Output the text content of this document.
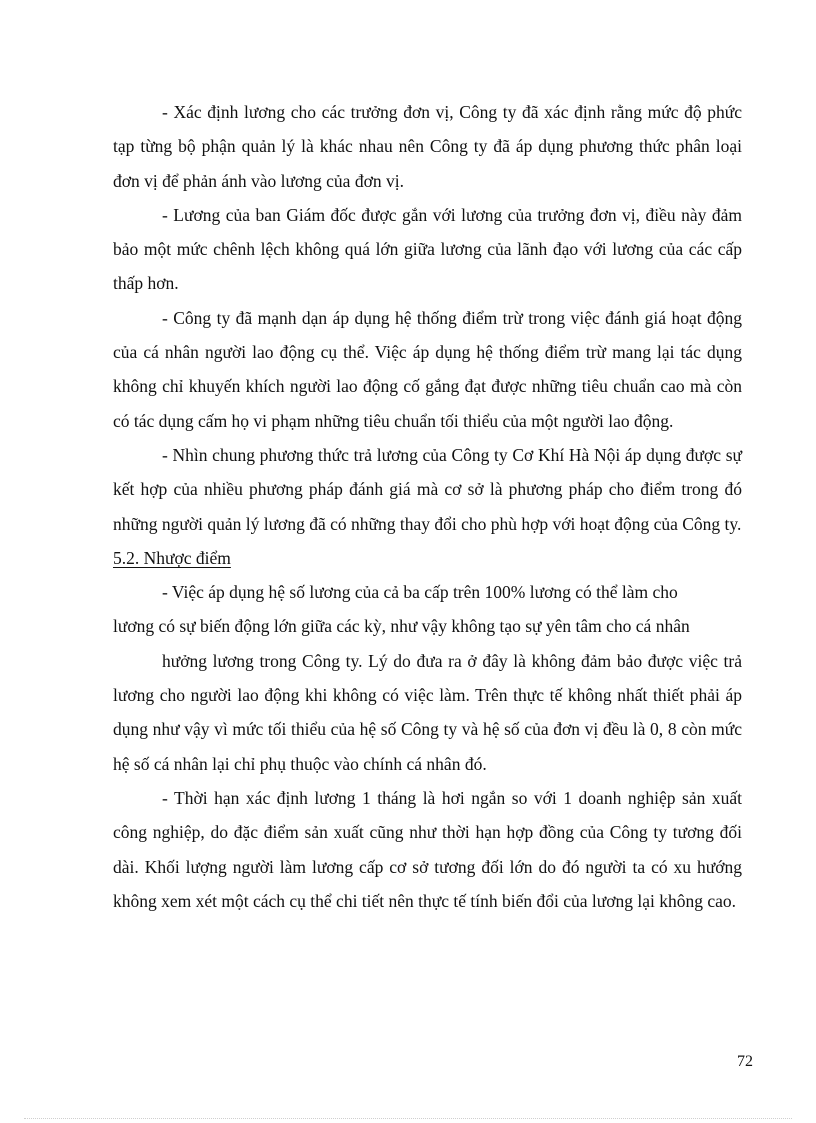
- Xác định lương cho các trưởng đơn vị, Công ty đã xác định rằng mức độ phức tạp từng bộ phận quản lý là khác nhau nên Công ty đã áp dụng phương thức phân loại đơn vị để phản ánh vào lương của đơn vị.

- Lương của ban Giám đốc được gắn với lương của trưởng đơn vị, điều này đảm bảo một mức chênh lệch không quá lớn giữa lương của lãnh đạo với lương của các cấp thấp hơn.

- Công ty đã mạnh dạn áp dụng hệ thống điểm trừ trong việc đánh giá hoạt động của cá nhân người lao động cụ thể. Việc áp dụng hệ thống điểm trừ mang lại tác dụng không chỉ khuyến khích người lao động cố gắng đạt được những tiêu chuẩn cao mà còn có tác dụng cấm họ vi phạm những tiêu chuẩn tối thiểu của một người lao động.

- Nhìn chung phương thức trả lương của Công ty Cơ Khí Hà Nội áp dụng được sự kết hợp của nhiều phương pháp đánh giá mà cơ sở là phương pháp cho điểm trong đó những người quản lý lương đã có những thay đổi cho phù hợp với hoạt động của Công ty.

5.2. Nhược điểm

- Việc áp dụng hệ số lương của cả ba cấp trên 100% lương có thể làm cho
lương có sự biến động lớn giữa các kỳ, như vậy không tạo sự yên tâm cho cá nhân
hưởng lương trong Công ty. Lý do đưa ra ở đây là không đảm bảo được việc trả lương cho người lao động khi không có việc làm. Trên thực tế không nhất thiết phải áp dụng như vậy vì mức tối thiểu của hệ số Công ty và hệ số của đơn vị đều là 0, 8 còn mức hệ số cá nhân lại chỉ phụ thuộc vào chính cá nhân đó.

- Thời hạn xác định lương 1 tháng là hơi ngắn so với 1 doanh nghiệp sản xuất công nghiệp, do đặc điểm sản xuất cũng như thời hạn hợp đồng của Công ty tương đối dài. Khối lượng người làm lương cấp cơ sở tương đối lớn do đó người ta có xu hướng không xem xét một cách cụ thể chi tiết nên thực tế tính biến đổi của lương lại không cao.

72
